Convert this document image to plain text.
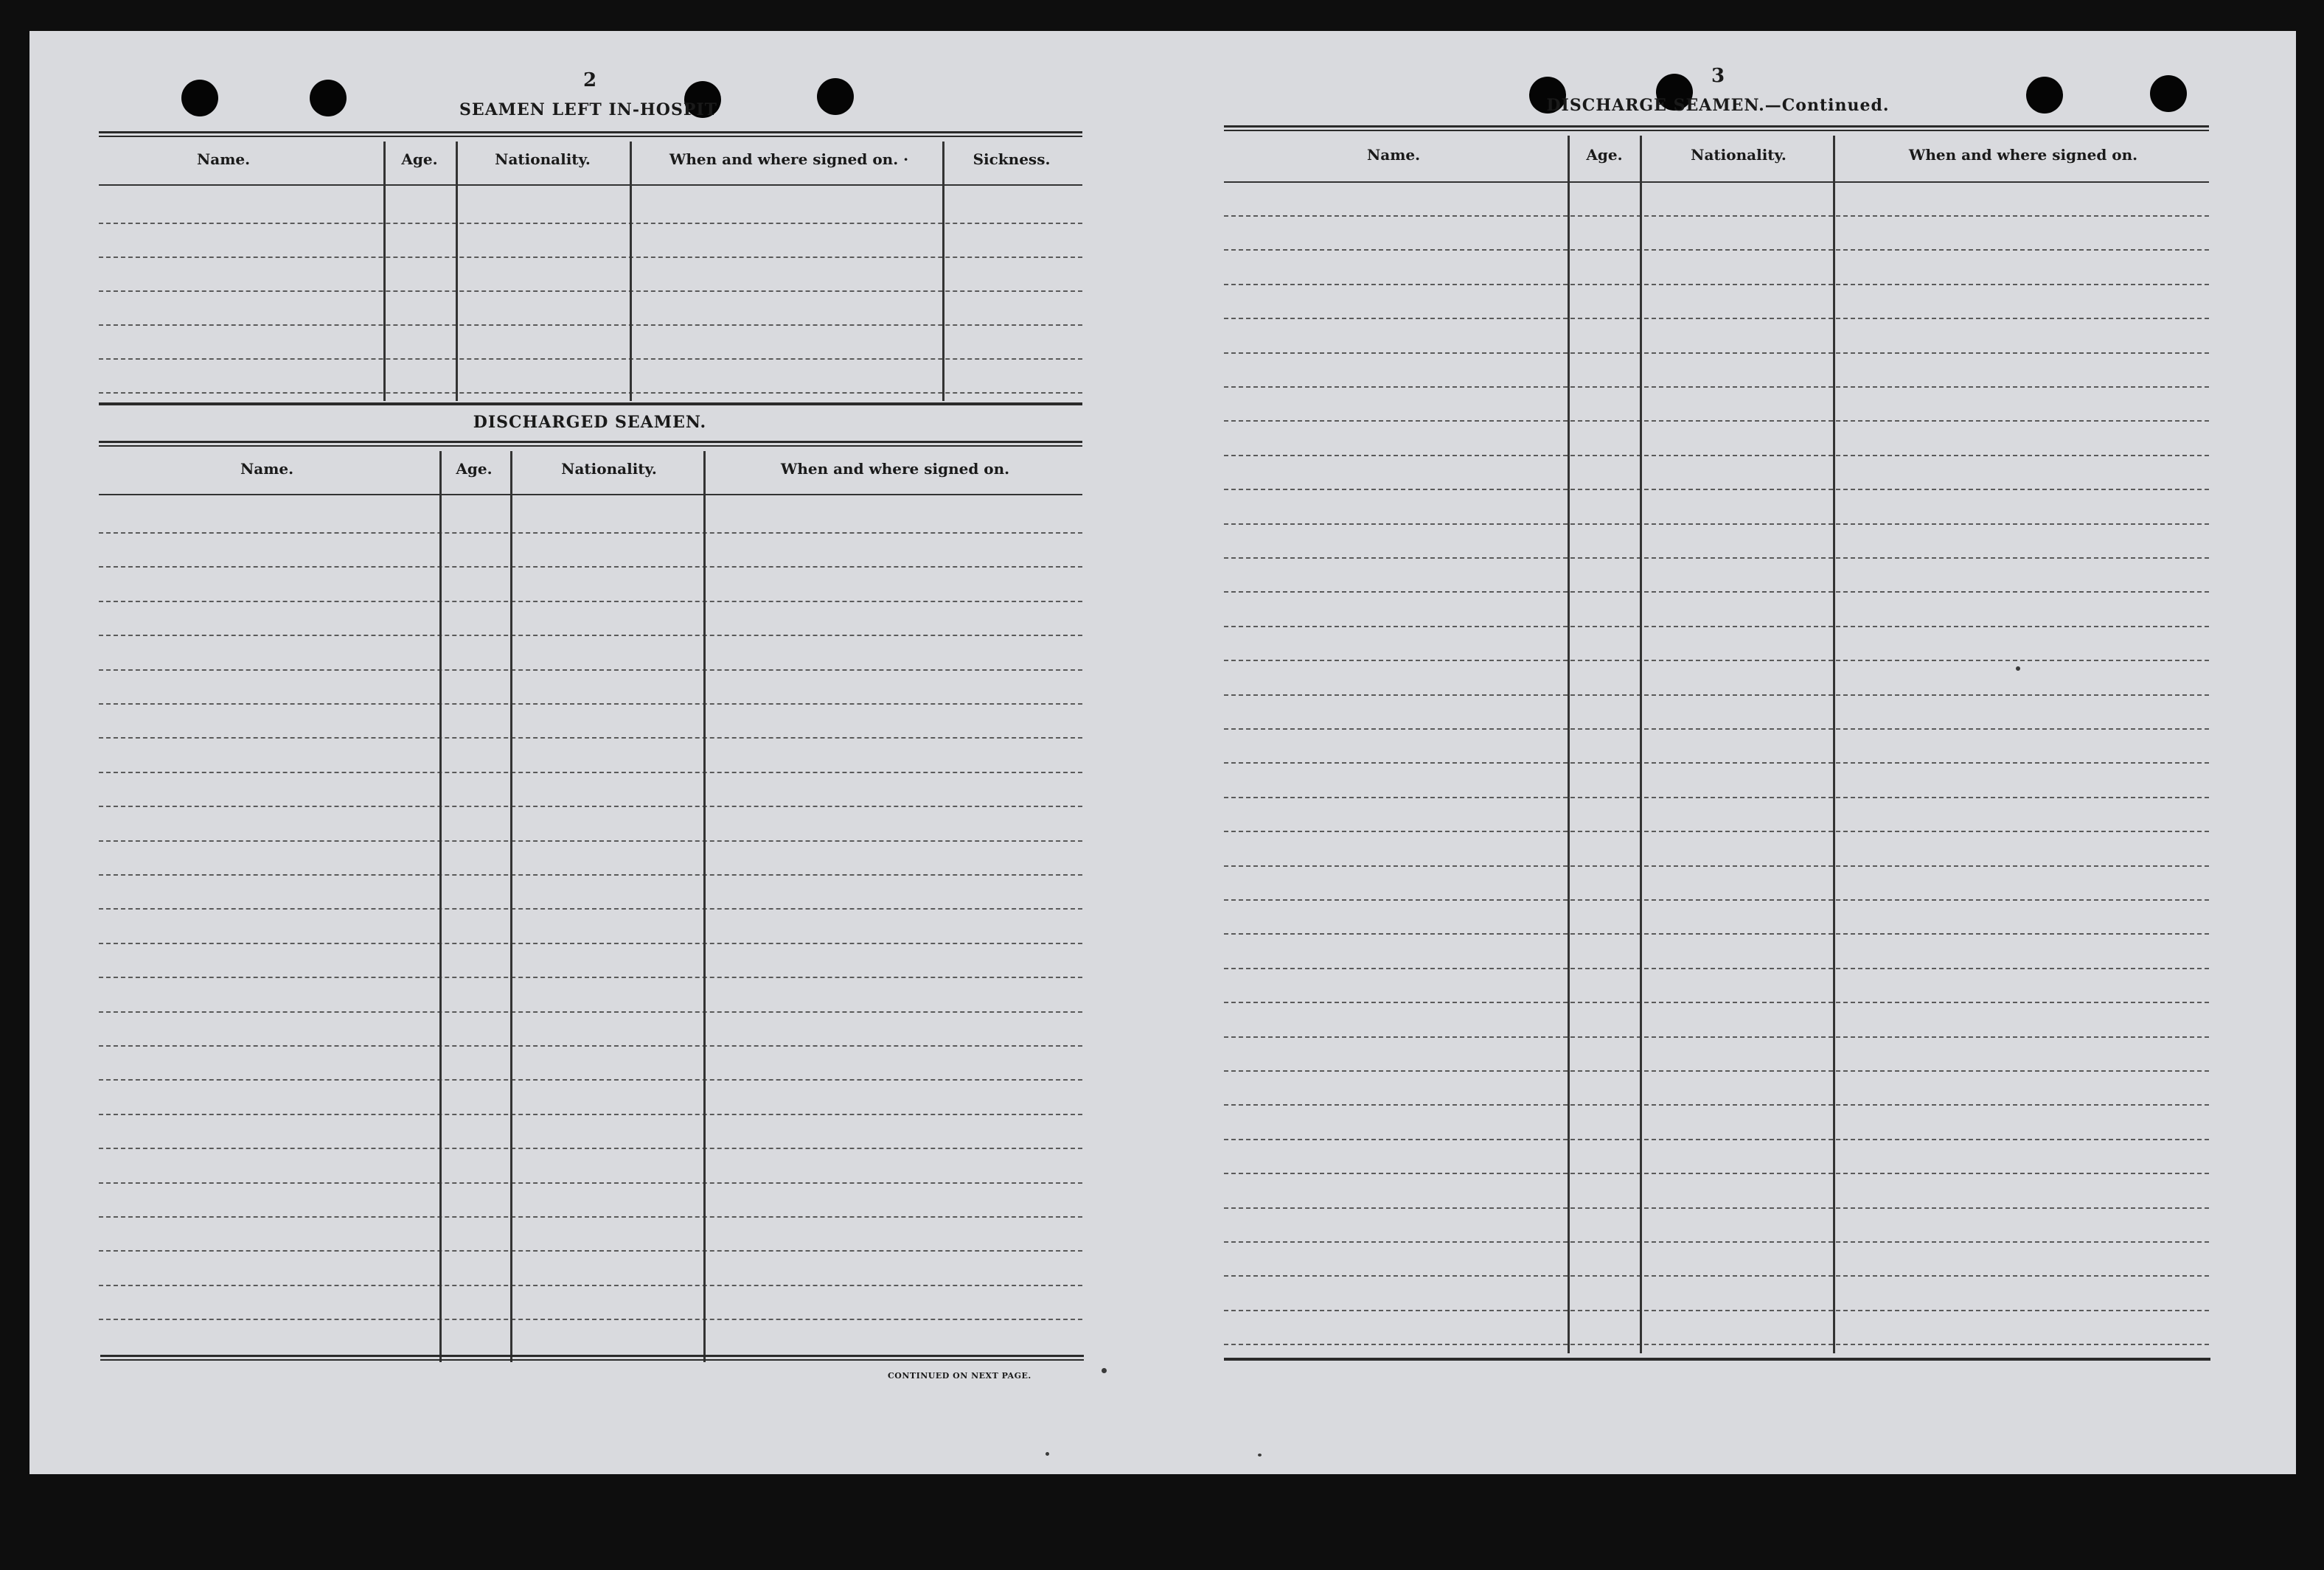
2
SEAMEN LEFT IN-HOSPIT
Name.	Age.	Nationality.	When and where signed on. ·	Sickness.
DISCHARGED SEAMEN.
Name.	Age.	Nationality.	When and where signed on.
CONTINUED ON NEXT PAGE.
3
DISCHARGE SEAMEN.—Continued.
Name.	Age.	Nationality.	When and where signed on.
